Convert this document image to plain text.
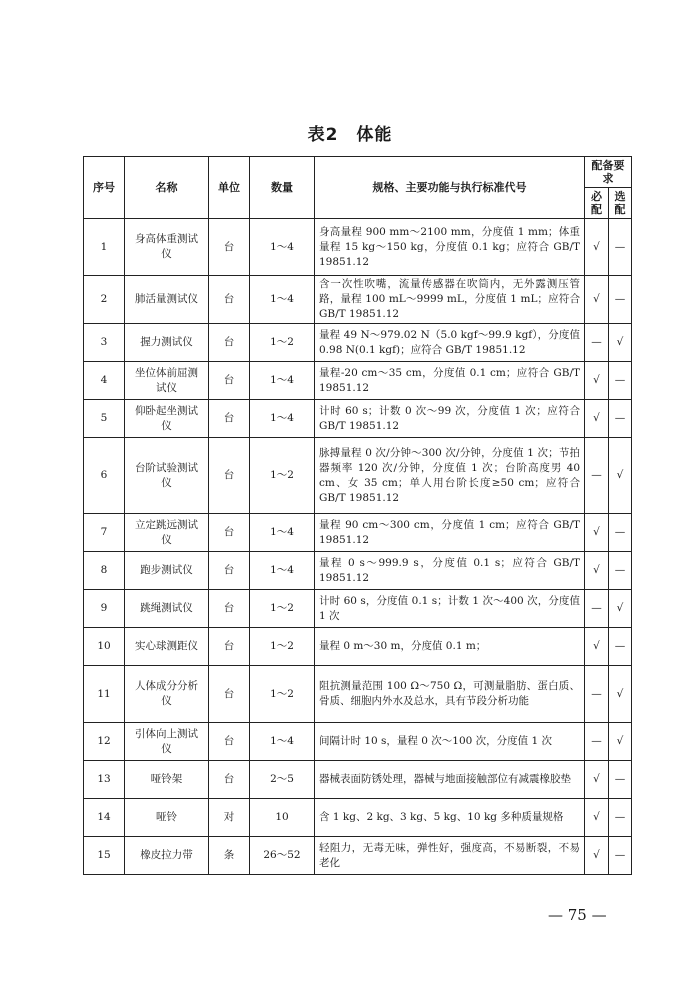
表2　体能
序号	名称	单位	数量	规格、主要功能与执行标准代号	配备要求	
					必配	选配
1	身高体重测试仪	台	1～4	身高量程 900 mm～2100 mm，分度值 1 mm；体重量程 15 kg～150 kg，分度值 0.1 kg；应符合 GB/T 19851.12	√	—
2	肺活量测试仪	台	1～4	含一次性吹嘴，流量传感器在吹筒内，无外露测压管路，量程 100 mL～9999 mL，分度值 1 mL；应符合 GB/T 19851.12	√	—
3	握力测试仪	台	1～2	量程 49 N～979.02 N（5.0 kgf～99.9 kgf），分度值 0.98 N(0.1 kgf)；应符合 GB/T 19851.12	—	√
4	坐位体前屈测试仪	台	1～4	量程-20 cm～35 cm，分度值 0.1 cm；应符合 GB/T 19851.12	√	—
5	仰卧起坐测试仪	台	1～4	计时 60 s；计数 0 次～99 次，分度值 1 次；应符合 GB/T 19851.12	√	—
6	台阶试验测试仪	台	1～2	脉搏量程 0 次/分钟～300 次/分钟，分度值 1 次；节拍器频率 120 次/分钟，分度值 1 次；台阶高度男 40 cm、女 35 cm；单人用台阶长度≥50 cm；应符合 GB/T 19851.12	—	√
7	立定跳远测试仪	台	1～4	量程 90 cm～300 cm，分度值 1 cm；应符合 GB/T 19851.12	√	—
8	跑步测试仪	台	1～4	量程 0 s～999.9 s，分度值 0.1 s；应符合 GB/T 19851.12	√	—
9	跳绳测试仪	台	1～2	计时 60 s，分度值 0.1 s；计数 1 次～400 次，分度值 1 次	—	√
10	实心球测距仪	台	1～2	量程 0 m～30 m，分度值 0.1 m；	√	—
11	人体成分分析仪	台	1～2	阻抗测量范围 100 Ω～750 Ω，可测量脂肪、蛋白质、骨质、细胞内外水及总水，具有节段分析功能	—	√
12	引体向上测试仪	台	1～4	间隔计时 10 s，量程 0 次～100 次，分度值 1 次	—	√
13	哑铃架	台	2～5	器械表面防锈处理，器械与地面接触部位有减震橡胶垫	√	—
14	哑铃	对	10	含 1 kg、2 kg、3 kg、5 kg、10 kg 多种质量规格	√	—
15	橡皮拉力带	条	26～52	轻阻力，无毒无味，弹性好，强度高，不易断裂，不易老化	√	—
— 75 —
